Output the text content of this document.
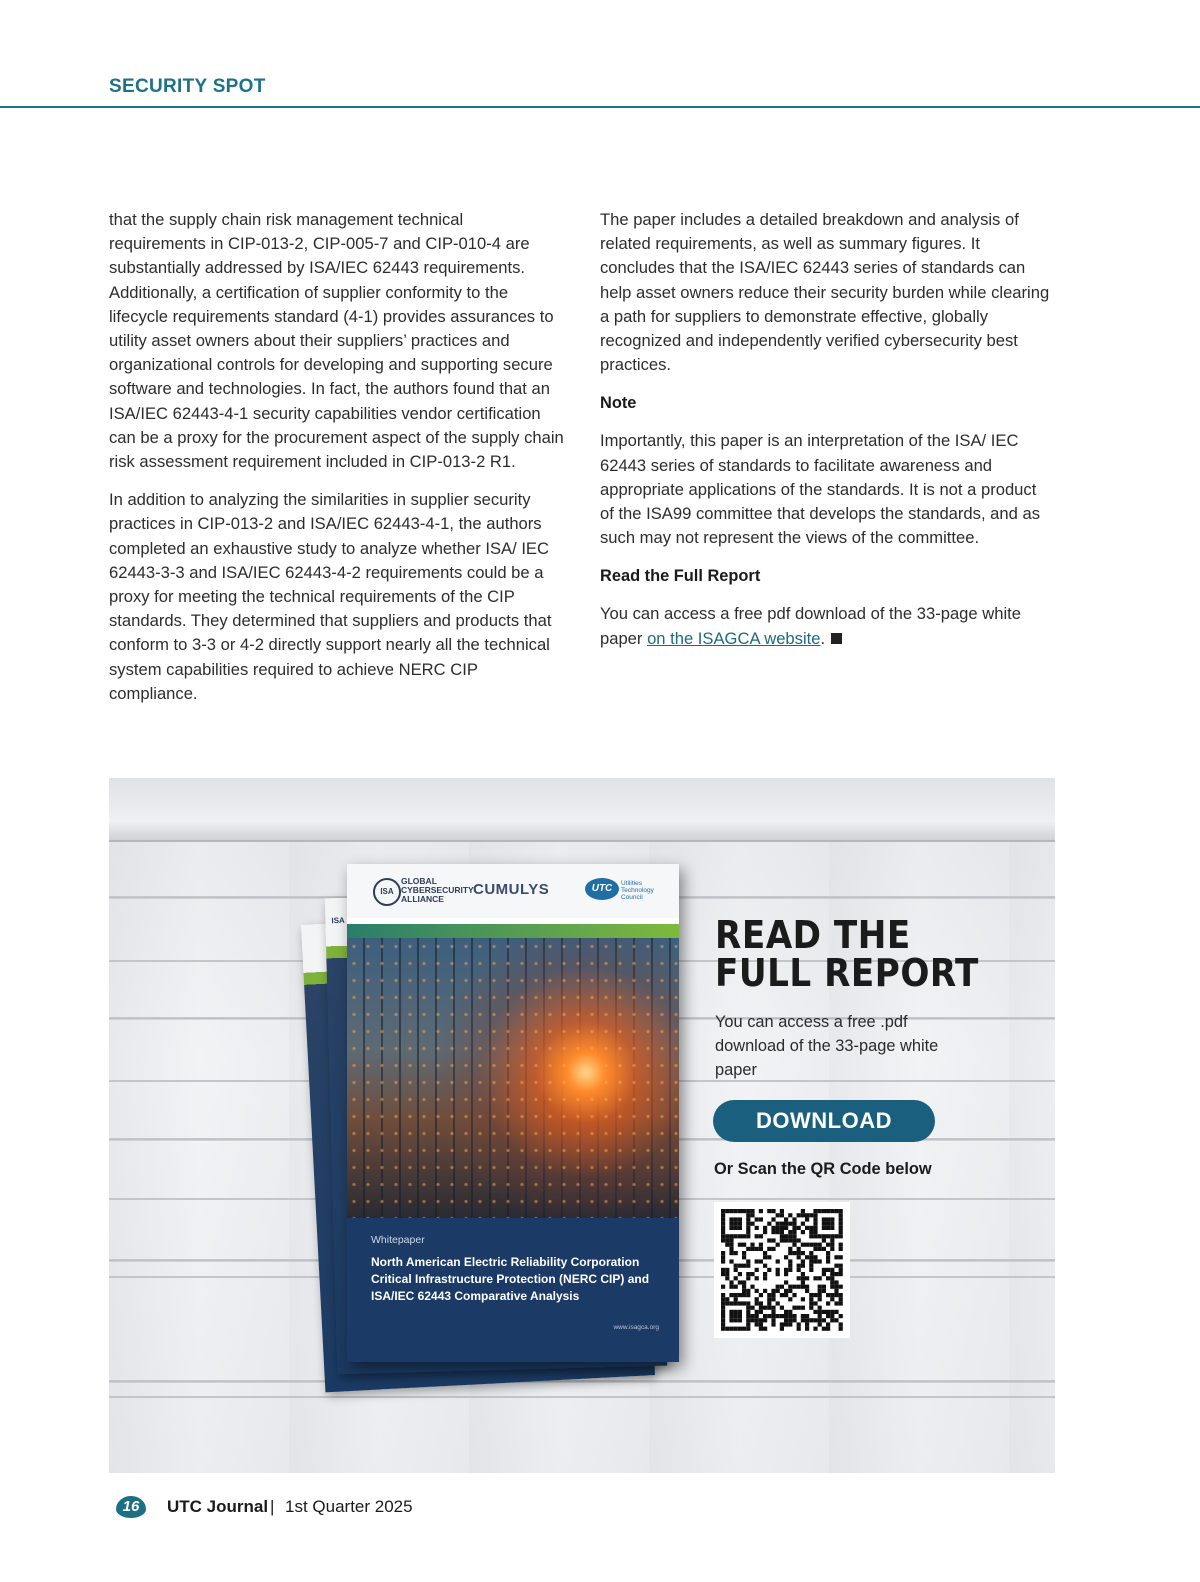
SECURITY SPOT

that the supply chain risk management technical requirements in CIP-013-2, CIP-005-7 and CIP-010-4 are substantially addressed by ISA/IEC 62443 requirements. Additionally, a certification of supplier conformity to the lifecycle requirements standard (4-1) provides assurances to utility asset owners about their suppliers’ practices and organizational controls for developing and supporting secure software and technologies. In fact, the authors found that an ISA/IEC 62443-4-1 security capabilities vendor certification can be a proxy for the procurement aspect of the supply chain risk assessment requirement included in CIP-013-2 R1.

In addition to analyzing the similarities in supplier security practices in CIP-013-2 and ISA/IEC 62443-4-1, the authors completed an exhaustive study to analyze whether ISA/ IEC 62443-3-3 and ISA/IEC 62443-4-2 requirements could be a proxy for meeting the technical requirements of the CIP standards. They determined that suppliers and products that conform to 3-3 or 4-2 directly support nearly all the technical system capabilities required to achieve NERC CIP compliance.

The paper includes a detailed breakdown and analysis of related requirements, as well as summary figures. It concludes that the ISA/IEC 62443 series of standards can help asset owners reduce their security burden while clearing a path for suppliers to demonstrate effective, globally recognized and independently verified cybersecurity best practices.

Note

Importantly, this paper is an interpretation of the ISA/ IEC 62443 series of standards to facilitate awareness and appropriate applications of the standards. It is not a product of the ISA99 committee that develops the standards, and as such may not represent the views of the committee.

Read the Full Report

You can access a free pdf download of the 33-page white paper on the ISAGCA website.

ISA
ISA
GLOBAL CYBERSECURITY ALLIANCE
CUMULYS	UTC	Utilities Technology Council
Whitepaper
North American Electric Reliability Corporation Critical Infrastructure Protection (NERC CIP) and ISA/IEC 62443 Comparative Analysis
www.isagca.org
READ THE FULL REPORT
You can access a free .pdf download of the 33-page white paper
DOWNLOAD
Or Scan the QR Code below
16	UTC Journal | 1st Quarter 2025
